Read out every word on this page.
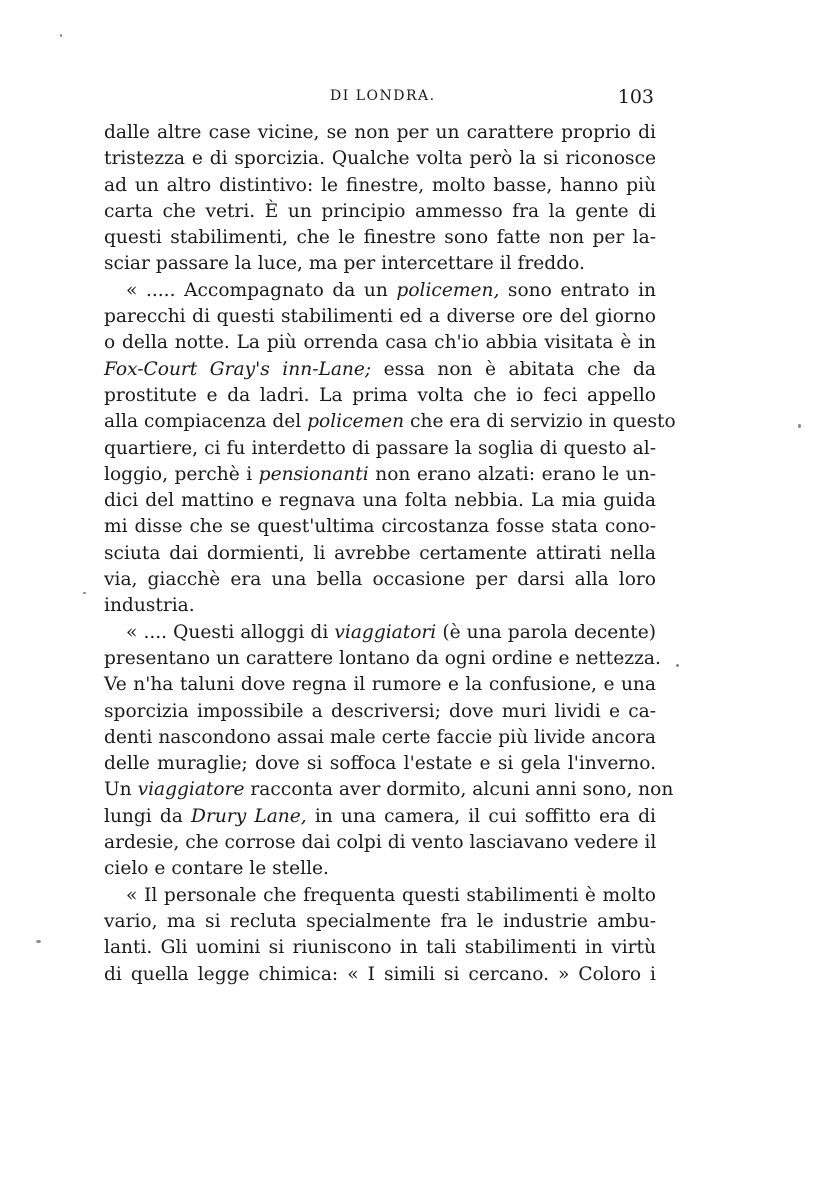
DI LONDRA.	103
dalle altre case vicine, se non per un carattere proprio di
tristezza e di sporcizia. Qualche volta però la si riconosce
ad un altro distintivo: le finestre, molto basse, hanno più
carta che vetri. È un principio ammesso fra la gente di
questi stabilimenti, che le finestre sono fatte non per la-
sciar passare la luce, ma per intercettare il freddo.
« ..... Accompagnato da un policemen, sono entrato in
parecchi di questi stabilimenti ed a diverse ore del giorno
o della notte. La più orrenda casa ch'io abbia visitata è in
Fox-Court Gray's inn-Lane; essa non è abitata che da
prostitute e da ladri. La prima volta che io feci appello
alla compiacenza del policemen che era di servizio in questo
quartiere, ci fu interdetto di passare la soglia di questo al-
loggio, perchè i pensionanti non erano alzati: erano le un-
dici del mattino e regnava una folta nebbia. La mia guida
mi disse che se quest'ultima circostanza fosse stata cono-
sciuta dai dormienti, li avrebbe certamente attirati nella
via, giacchè era una bella occasione per darsi alla loro
industria.
« .... Questi alloggi di viaggiatori (è una parola decente)
presentano un carattere lontano da ogni ordine e nettezza.
Ve n'ha taluni dove regna il rumore e la confusione, e una
sporcizia impossibile a descriversi; dove muri lividi e ca-
denti nascondono assai male certe faccie più livide ancora
delle muraglie; dove si soffoca l'estate e si gela l'inverno.
Un viaggiatore racconta aver dormito, alcuni anni sono, non
lungi da Drury Lane, in una camera, il cui soffitto era di
ardesie, che corrose dai colpi di vento lasciavano vedere il
cielo e contare le stelle.
« Il personale che frequenta questi stabilimenti è molto
vario, ma si recluta specialmente fra le industrie ambu-
lanti. Gli uomini si riuniscono in tali stabilimenti in virtù
di quella legge chimica: « I simili si cercano. » Coloro i
